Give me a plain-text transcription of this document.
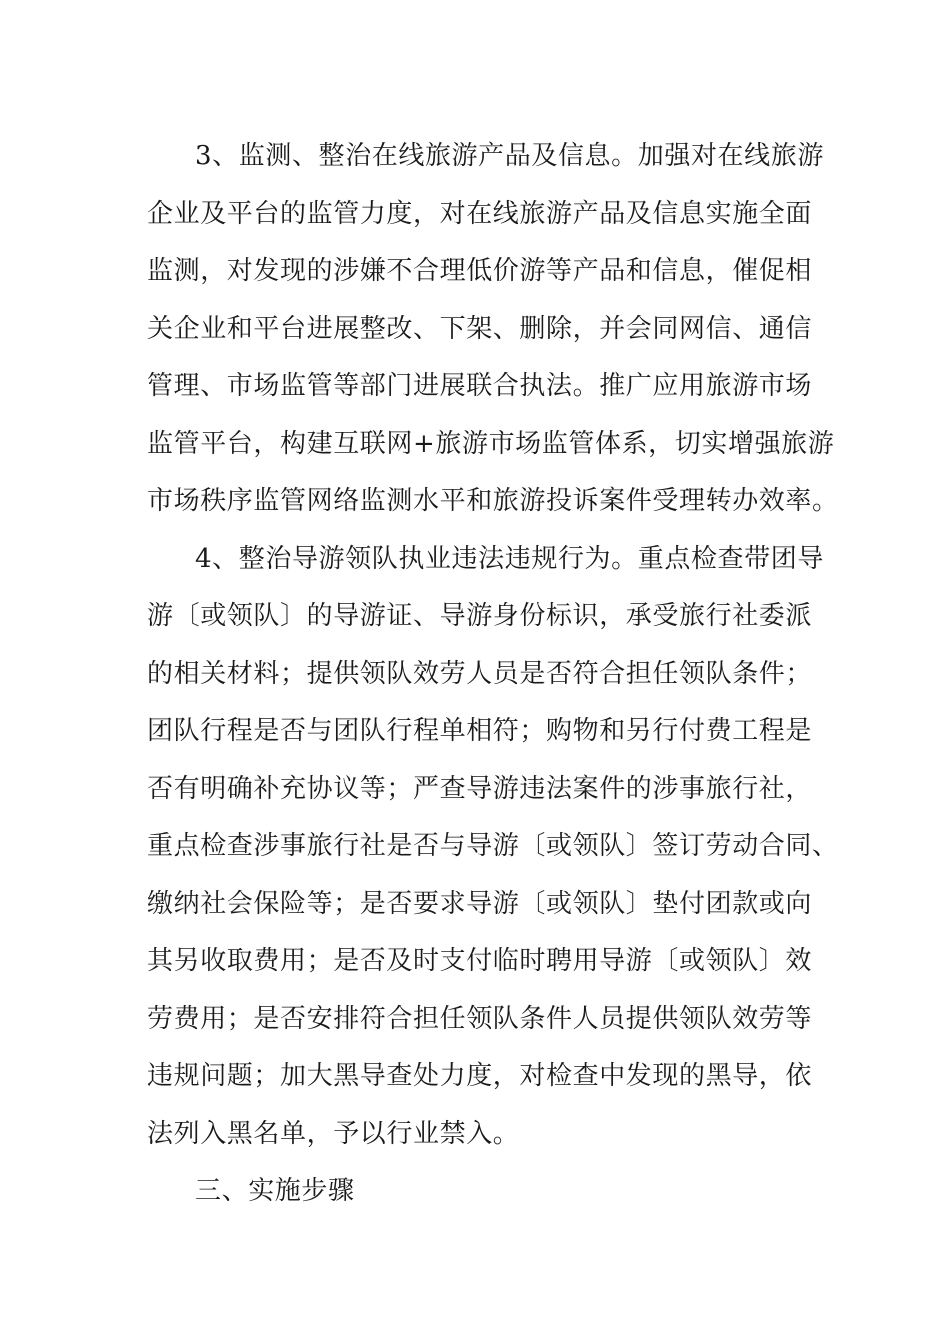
3、监测、整治在线旅游产品及信息。加强对在线旅游
企业及平台的监管力度，对在线旅游产品及信息实施全面
监测，对发现的涉嫌不合理低价游等产品和信息，催促相
关企业和平台进展整改、下架、删除，并会同网信、通信
管理、市场监管等部门进展联合执法。推广应用旅游市场
监管平台，构建互联网+旅游市场监管体系，切实增强旅游
市场秩序监管网络监测水平和旅游投诉案件受理转办效率。
4、整治导游领队执业违法违规行为。重点检查带团导
游〔或领队〕的导游证、导游身份标识，承受旅行社委派
的相关材料；提供领队效劳人员是否符合担任领队条件；
团队行程是否与团队行程单相符；购物和另行付费工程是
否有明确补充协议等；严查导游违法案件的涉事旅行社，
重点检查涉事旅行社是否与导游〔或领队〕签订劳动合同、
缴纳社会保险等；是否要求导游〔或领队〕垫付团款或向
其另收取费用；是否及时支付临时聘用导游〔或领队〕效
劳费用；是否安排符合担任领队条件人员提供领队效劳等
违规问题；加大黑导查处力度，对检查中发现的黑导，依
法列入黑名单，予以行业禁入。
三、实施步骤
